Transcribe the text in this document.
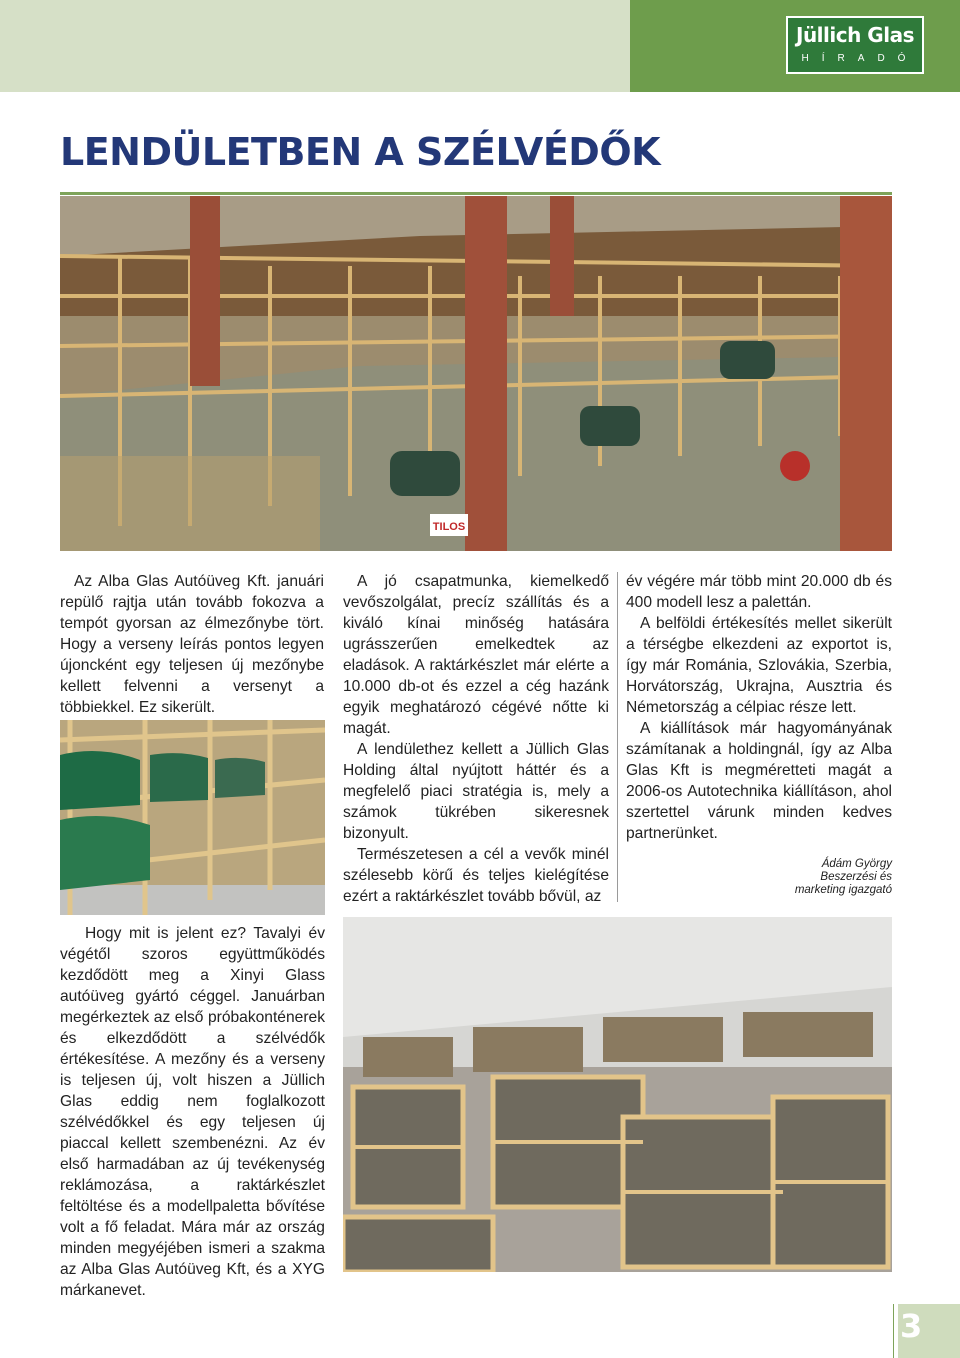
Jüllich Glas
HÍRADÓ
LENDÜLETBEN A SZÉLVÉDŐK
TILOS

Az Alba Glas Autóüveg Kft. januári repülő rajtja után tovább fokozva a tempót gyorsan az élmezőnybe tört. Hogy a verseny leírás pontos legyen újoncként egy teljesen új mezőnybe kellett felvenni a versenyt a többiekkel. Ez sikerült.

Hogy mit is jelent ez? Tavalyi év végétől szoros együttműködés kezdődött meg a Xinyi Glass autóüveg gyártó céggel. Januárban megérkeztek az első próbakonténerek és elkezdődött a szélvédők értékesítése. A mezőny és a verseny is teljesen új, volt hiszen a Jüllich Glas eddig nem foglalkozott szélvédőkkel és egy teljesen új piaccal kellett szembenézni. Az év első harmadában az új tevékenység reklámozása, a raktárkészlet feltöltése és a modellpaletta bővítése volt a fő feladat. Mára már az ország minden megyéjében ismeri a szakma az Alba Glas Autóüveg Kft, és a XYG márkanevet.

A jó csapatmunka, kiemelkedő vevőszolgálat, precíz szállítás és a kiváló kínai minőség hatására ugrásszerűen emelkedtek az eladások. A raktárkészlet már elérte a 10.000 db-ot és ezzel a cég hazánk egyik meghatározó cégévé nőtte ki magát.

A lendülethez kellett a Jüllich Glas Holding által nyújtott háttér és a megfelelő piaci stratégia is, mely a számok tükrében sikeresnek bizonyult.

Természetesen a cél a vevők minél szélesebb körű és teljes kielégítése ezért a raktárkészlet tovább bővül, az

év végére már több mint 20.000 db és 400 modell lesz a palettán.

A belföldi értékesítés mellet sikerült a térségbe elkezdeni az exportot is, így már Románia, Szlovákia, Szerbia, Horvátország, Ukrajna, Ausztria és Németország a célpiac része lett.

A kiállítások már hagyományának számítanak a holdingnál, így az Alba Glas Kft is megméretteti magát a 2006-os Autotechnika kiállításon, ahol szertettel várunk minden kedves partnerünket.

Ádám György
Beszerzési és
marketing igazgató
3
